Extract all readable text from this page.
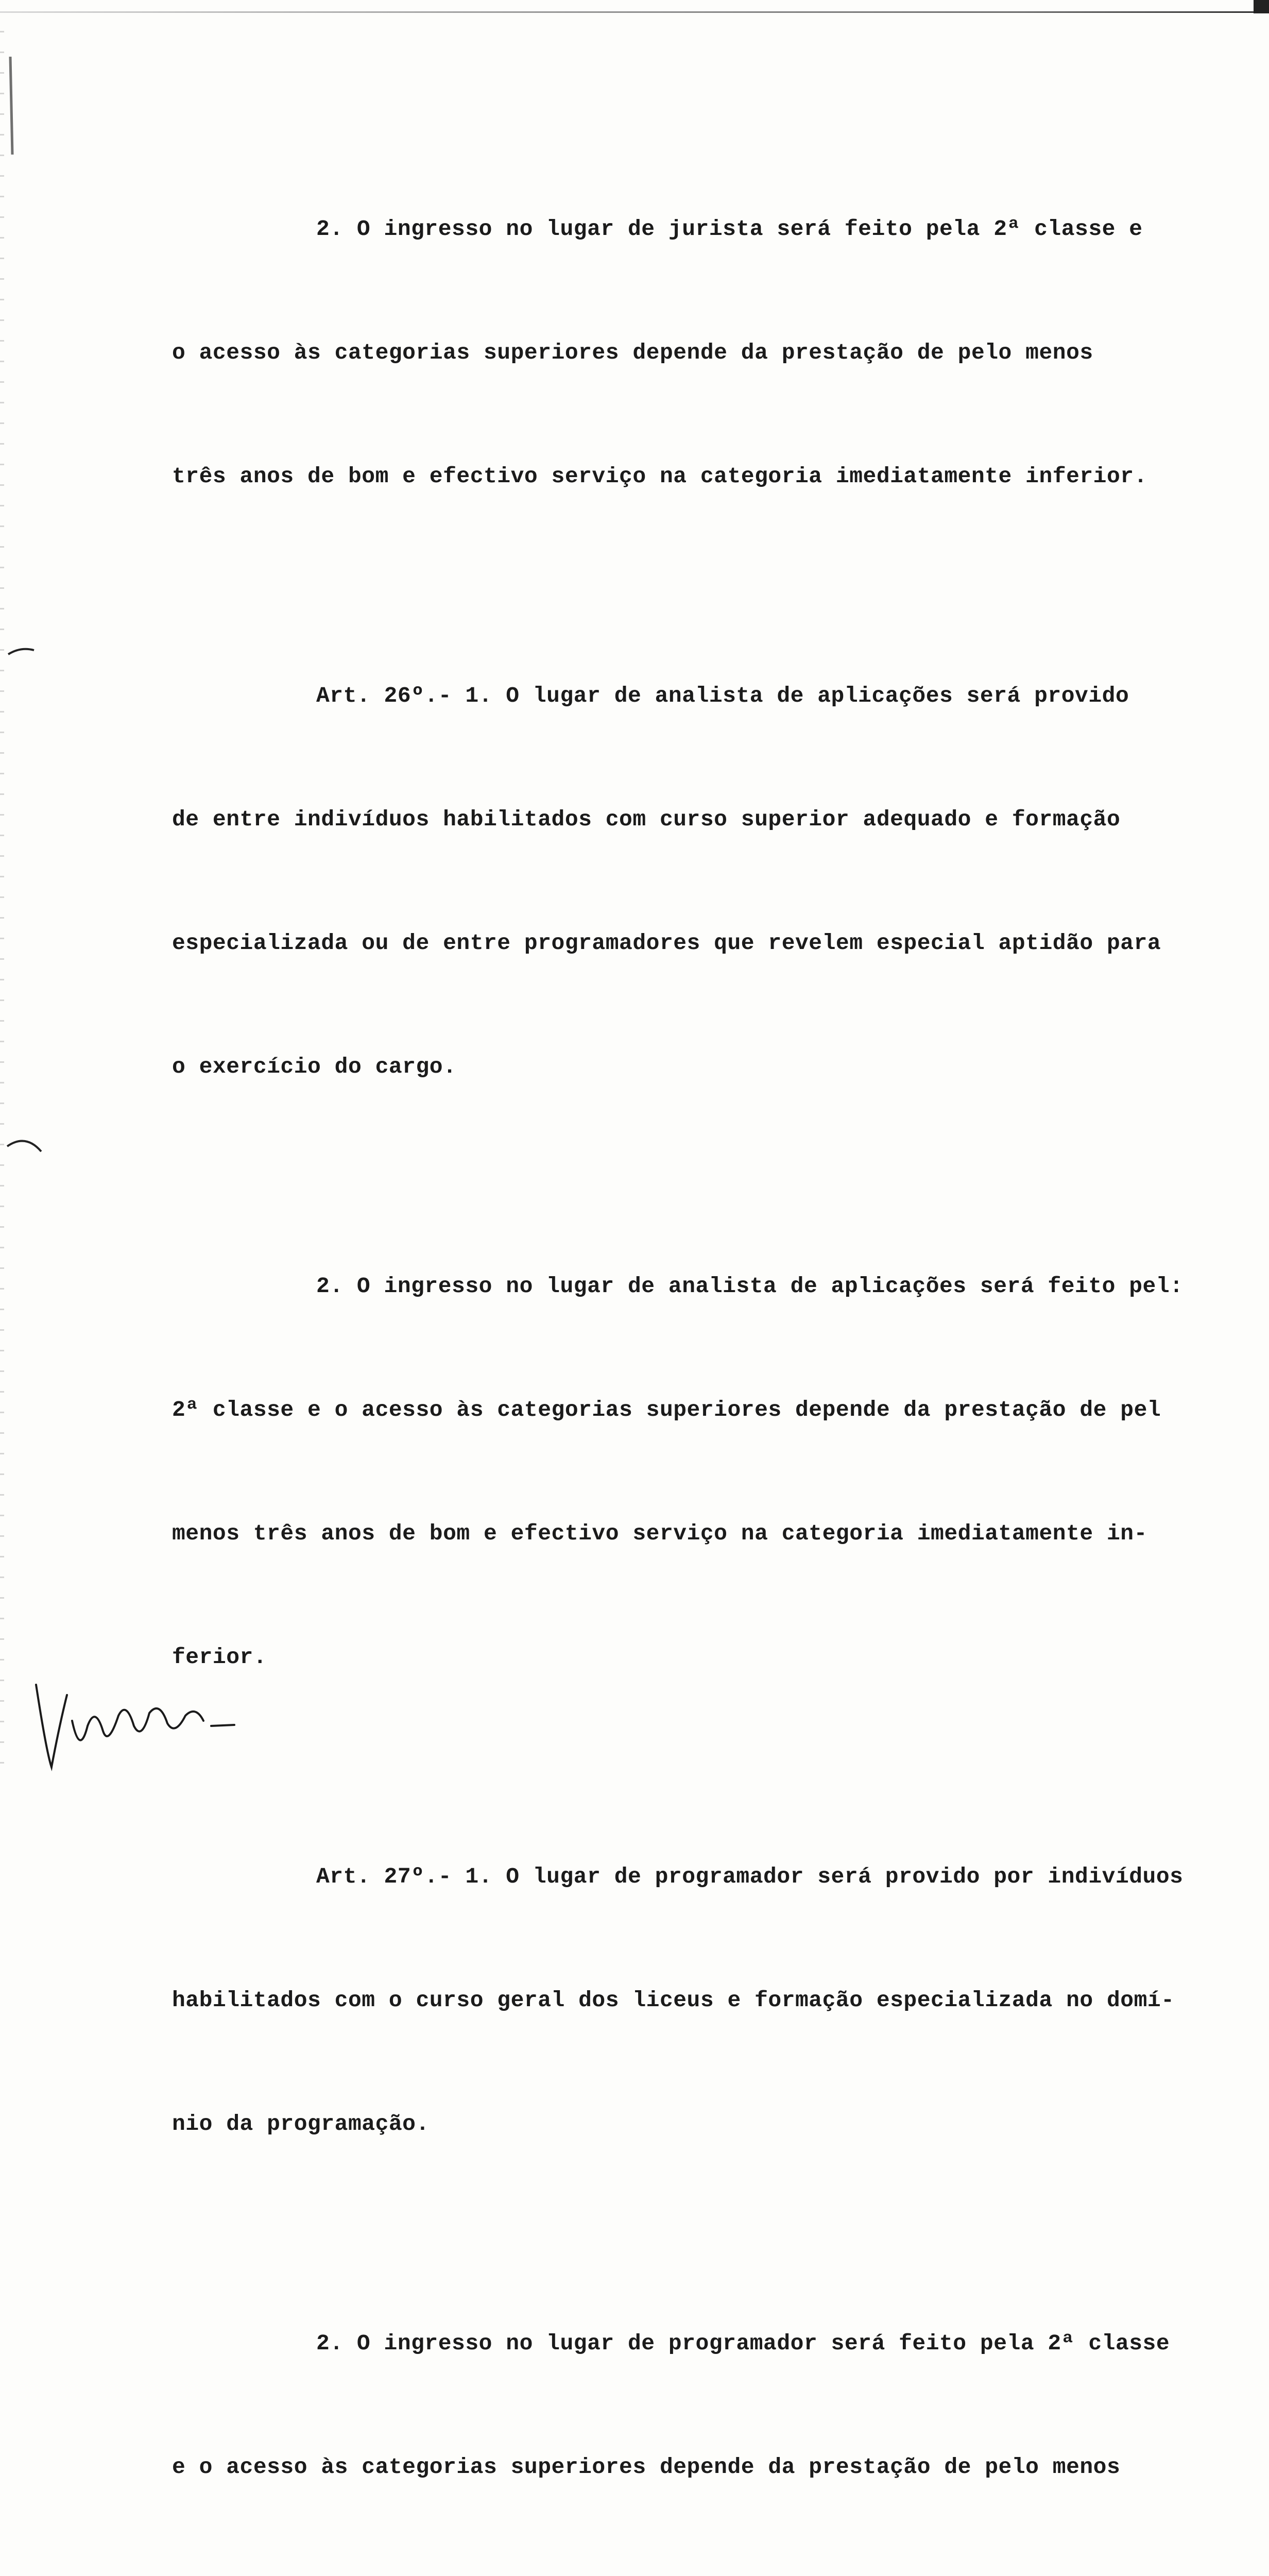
2. O ingresso no lugar de jurista será feito pela 2ª classe e

o acesso às categorias superiores depende da prestação de pelo menos

três anos de bom e efectivo serviço na categoria imediatamente inferior.

Art. 26º.- 1. O lugar de analista de aplicações será provido

de entre indivíduos habilitados com curso superior adequado e formação

especializada ou de entre programadores que revelem especial aptidão para

o exercício do cargo.

2. O ingresso no lugar de analista de aplicações será feito pel:

2ª classe e o acesso às categorias superiores depende da prestação de pel

menos três anos de bom e efectivo serviço na categoria imediatamente in-

ferior.

Art. 27º.- 1. O lugar de programador será provido por indivíduos

habilitados com o curso geral dos liceus e formação especializada no domí-

nio da programação.

2. O ingresso no lugar de programador será feito pela 2ª classe

e o acesso às categorias superiores depende da prestação de pelo menos
